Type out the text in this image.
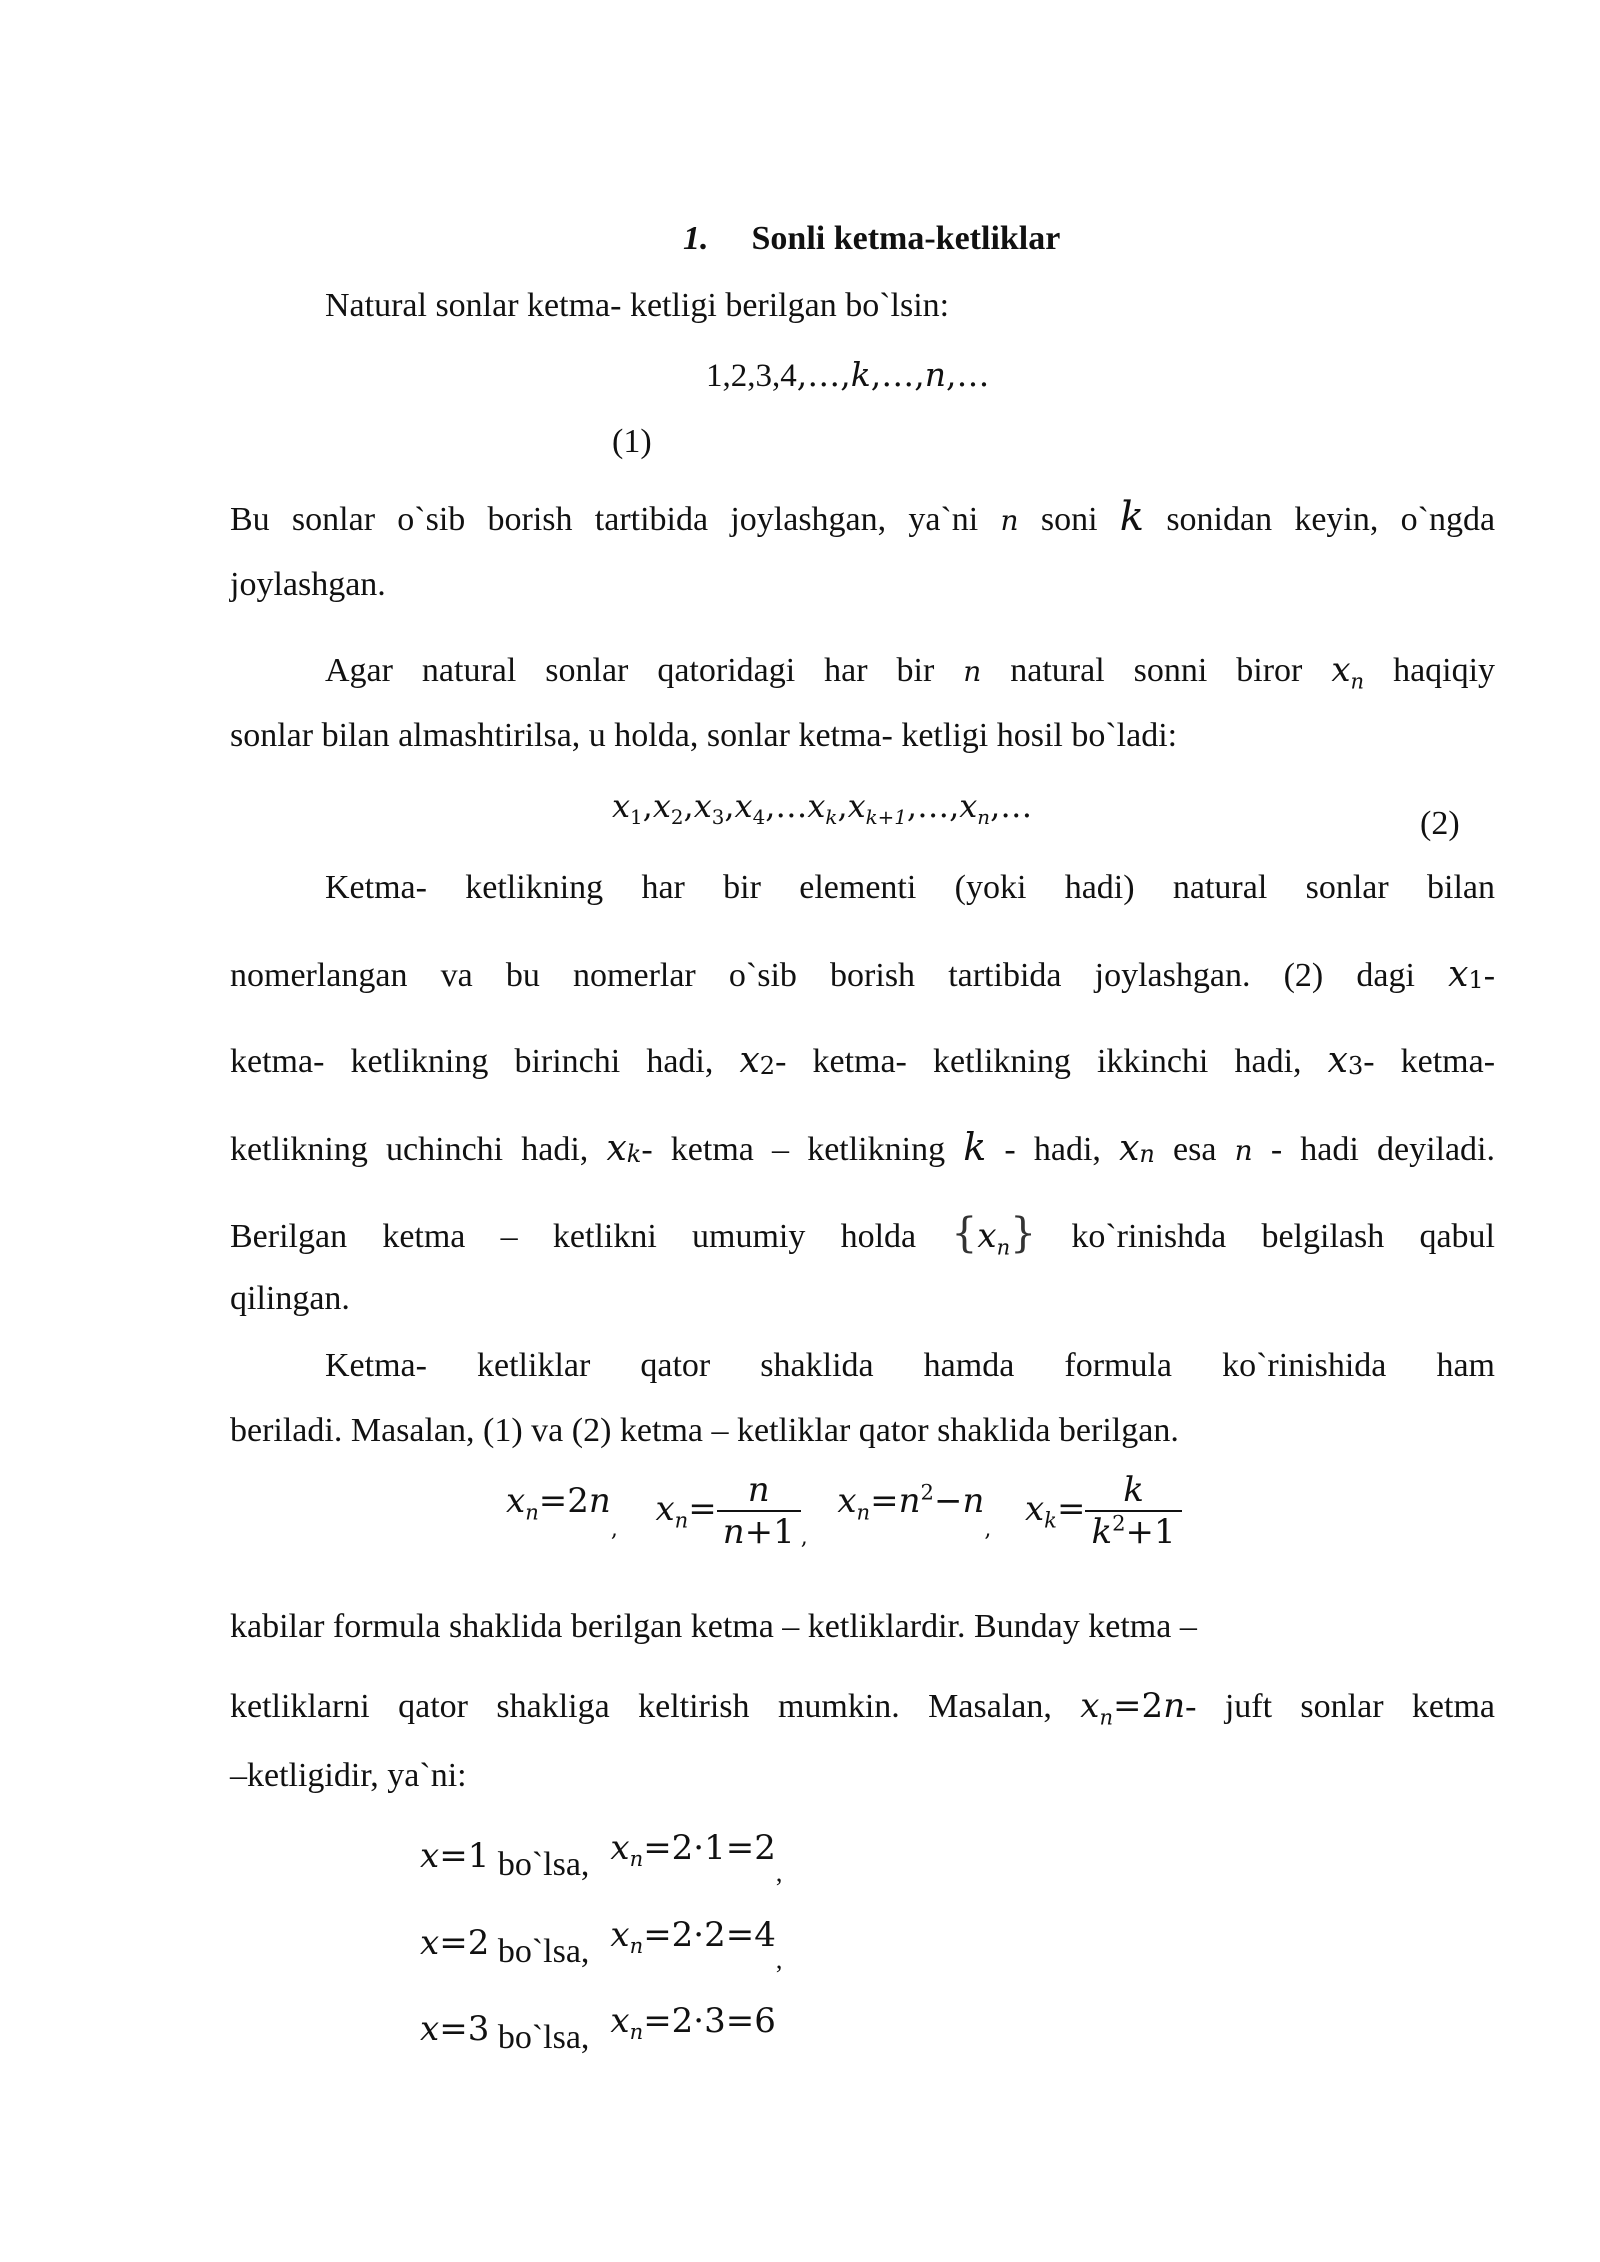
1. Sonli ketma-ketliklar
Natural sonlar ketma- ketligi berilgan bo`lsin:
1,2,3,4,…,k,…,n,…
(1)
Bu sonlar o`sib borish tartibida joylashgan, ya`ni n soni k sonidan keyin, o`ngda
joylashgan.
Agar natural sonlar qatoridagi har bir n natural sonni biror $x_n$ haqiqiy
sonlar bilan almashtirilsa, u holda, sonlar ketma- ketligi hosil bo`ladi:
$x_1,x_2,x_3,x_4,\dots x_k,x_{k+1},\dots,x_n,\dots$	(2)
Ketma- ketlikning har bir elementi (yoki hadi) natural sonlar bilan
nomerlangan va bu nomerlar o`sib borish tartibida joylashgan. (2) dagi x1-
ketma- ketlikning birinchi hadi, x2- ketma- ketlikning ikkinchi hadi, x3- ketma-
ketlikning uchinchi hadi, xk- ketma – ketlikning k - hadi, xn esa n - hadi deyiladi.
Berilgan ketma – ketlikni umumiy holda $\{x_n\}$ ko`rinishda belgilash qabul
qilingan.
Ketma- ketliklar qator shaklida hamda formula ko`rinishida ham
beriladi. Masalan, (1) va (2) ketma – ketliklar qator shaklida berilgan.
$x_n=2n_,$ $x_n= \frac{n}{n+1} _,$  $x_n=n^2-n_,$ $x_k= \frac{k}{k^2+1}$
kabilar formula shaklida berilgan ketma – ketliklardir. Bunday ketma –
ketliklarni qator shakliga keltirish mumkin. Masalan, $x_n=2n-$ juft sonlar ketma
–ketligidir, ya`ni:
x=1 bo`lsa, $x_n=2\cdot 1=2_,$
x=2 bo`lsa, $x_n=2\cdot 2=4_,$
x=3 bo`lsa, $x_n=2\cdot 3=6$
